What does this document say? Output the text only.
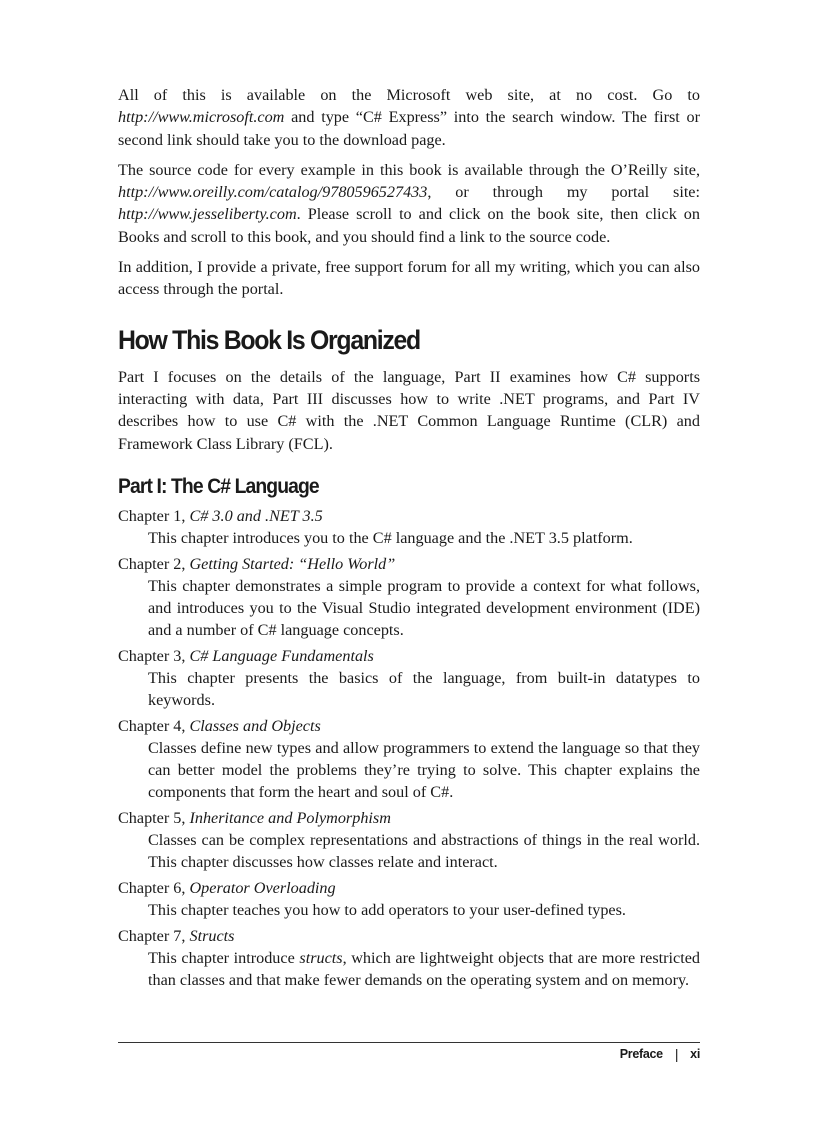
All of this is available on the Microsoft web site, at no cost. Go to http://www.microsoft.com and type “C# Express” into the search window. The first or second link should take you to the download page.

The source code for every example in this book is available through the O’Reilly site, http://www.oreilly.com/catalog/9780596527433, or through my portal site: http://www.jesseliberty.com. Please scroll to and click on the book site, then click on Books and scroll to this book, and you should find a link to the source code.

In addition, I provide a private, free support forum for all my writing, which you can also access through the portal.

How This Book Is Organized

Part I focuses on the details of the language, Part II examines how C# supports interacting with data, Part III discusses how to write .NET programs, and Part IV describes how to use C# with the .NET Common Language Runtime (CLR) and Framework Class Library (FCL).

Part I: The C# Language
Chapter 1, C# 3.0 and .NET 3.5
This chapter introduces you to the C# language and the .NET 3.5 platform.
Chapter 2, Getting Started: “Hello World”
This chapter demonstrates a simple program to provide a context for what follows, and introduces you to the Visual Studio integrated development environment (IDE) and a number of C# language concepts.
Chapter 3, C# Language Fundamentals
This chapter presents the basics of the language, from built-in datatypes to keywords.
Chapter 4, Classes and Objects
Classes define new types and allow programmers to extend the language so that they can better model the problems they’re trying to solve. This chapter explains the components that form the heart and soul of C#.
Chapter 5, Inheritance and Polymorphism
Classes can be complex representations and abstractions of things in the real world. This chapter discusses how classes relate and interact.
Chapter 6, Operator Overloading
This chapter teaches you how to add operators to your user-defined types.
Chapter 7, Structs
This chapter introduce structs, which are lightweight objects that are more restricted than classes and that make fewer demands on the operating system and on memory.
Preface | xi
